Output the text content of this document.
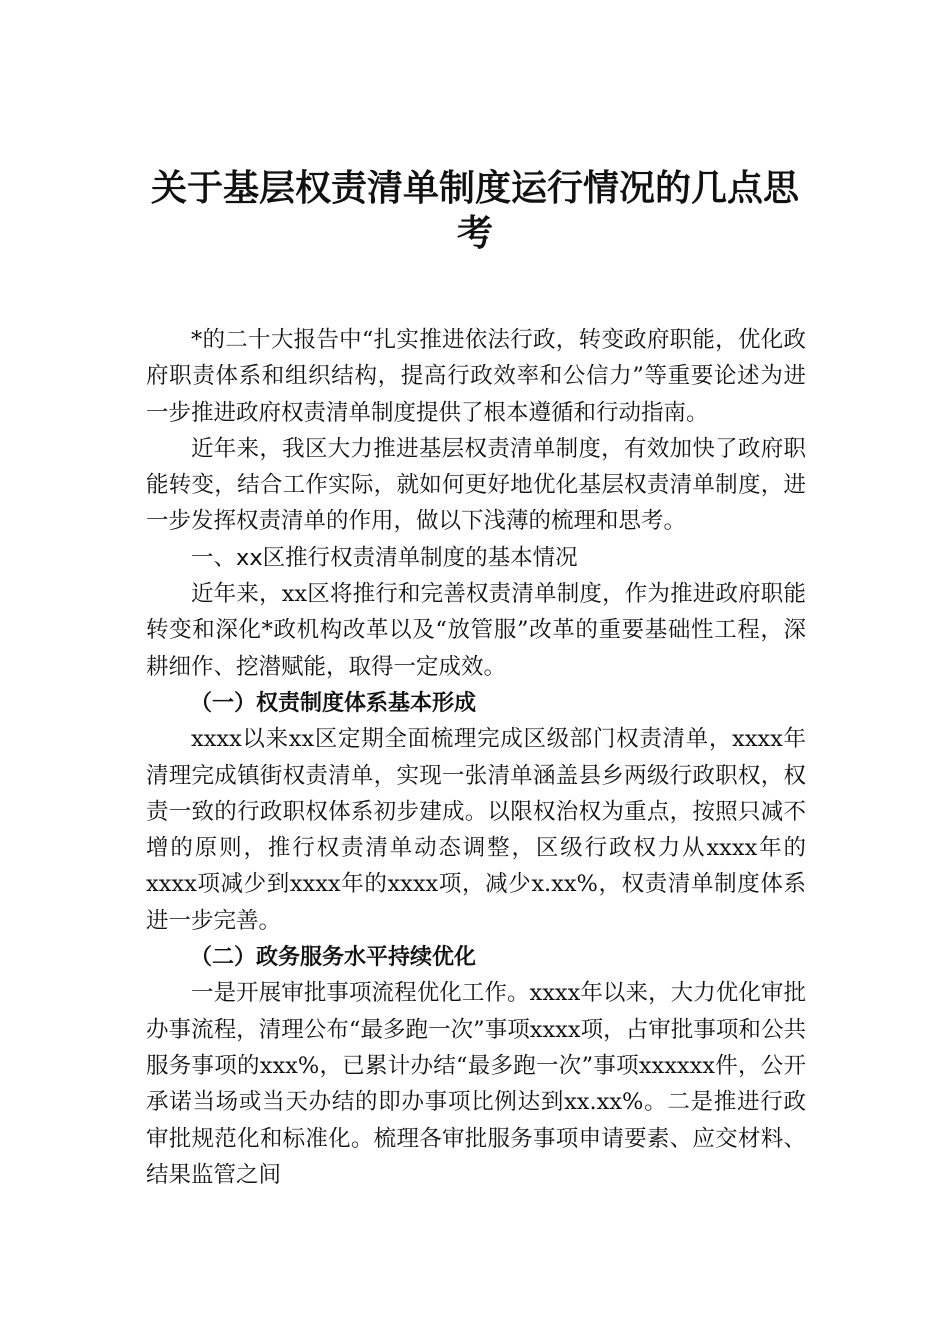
关于基层权责清单制度运行情况的几点思
考

*的二十大报告中“扎实推进依法行政，转变政府职能，优化政府职责体系和组织结构，提高行政效率和公信力”等重要论述为进一步推进政府权责清单制度提供了根本遵循和行动指南。

近年来，我区大力推进基层权责清单制度，有效加快了政府职能转变，结合工作实际，就如何更好地优化基层权责清单制度，进一步发挥权责清单的作用，做以下浅薄的梳理和思考。

一、xx区推行权责清单制度的基本情况

近年来，xx区将推行和完善权责清单制度，作为推进政府职能转变和深化*政机构改革以及“放管服”改革的重要基础性工程，深耕细作、挖潜赋能，取得一定成效。

（一）权责制度体系基本形成

xxxx以来xx区定期全面梳理完成区级部门权责清单，xxxx年清理完成镇街权责清单，实现一张清单涵盖县乡两级行政职权，权责一致的行政职权体系初步建成。以限权治权为重点，按照只减不增的原则，推行权责清单动态调整，区级行政权力从xxxx年的xxxx项减少到xxxx年的xxxx项，减少x.xx%，权责清单制度体系进一步完善。

（二）政务服务水平持续优化

一是开展审批事项流程优化工作。xxxx年以来，大力优化审批办事流程，清理公布“最多跑一次”事项xxxx项，占审批事项和公共服务事项的xxx%，已累计办结“最多跑一次”事项xxxxxx件，公开承诺当场或当天办结的即办事项比例达到xx.xx%。二是推进行政审批规范化和标准化。梳理各审批服务事项申请要素、应交材料、结果监管之间
